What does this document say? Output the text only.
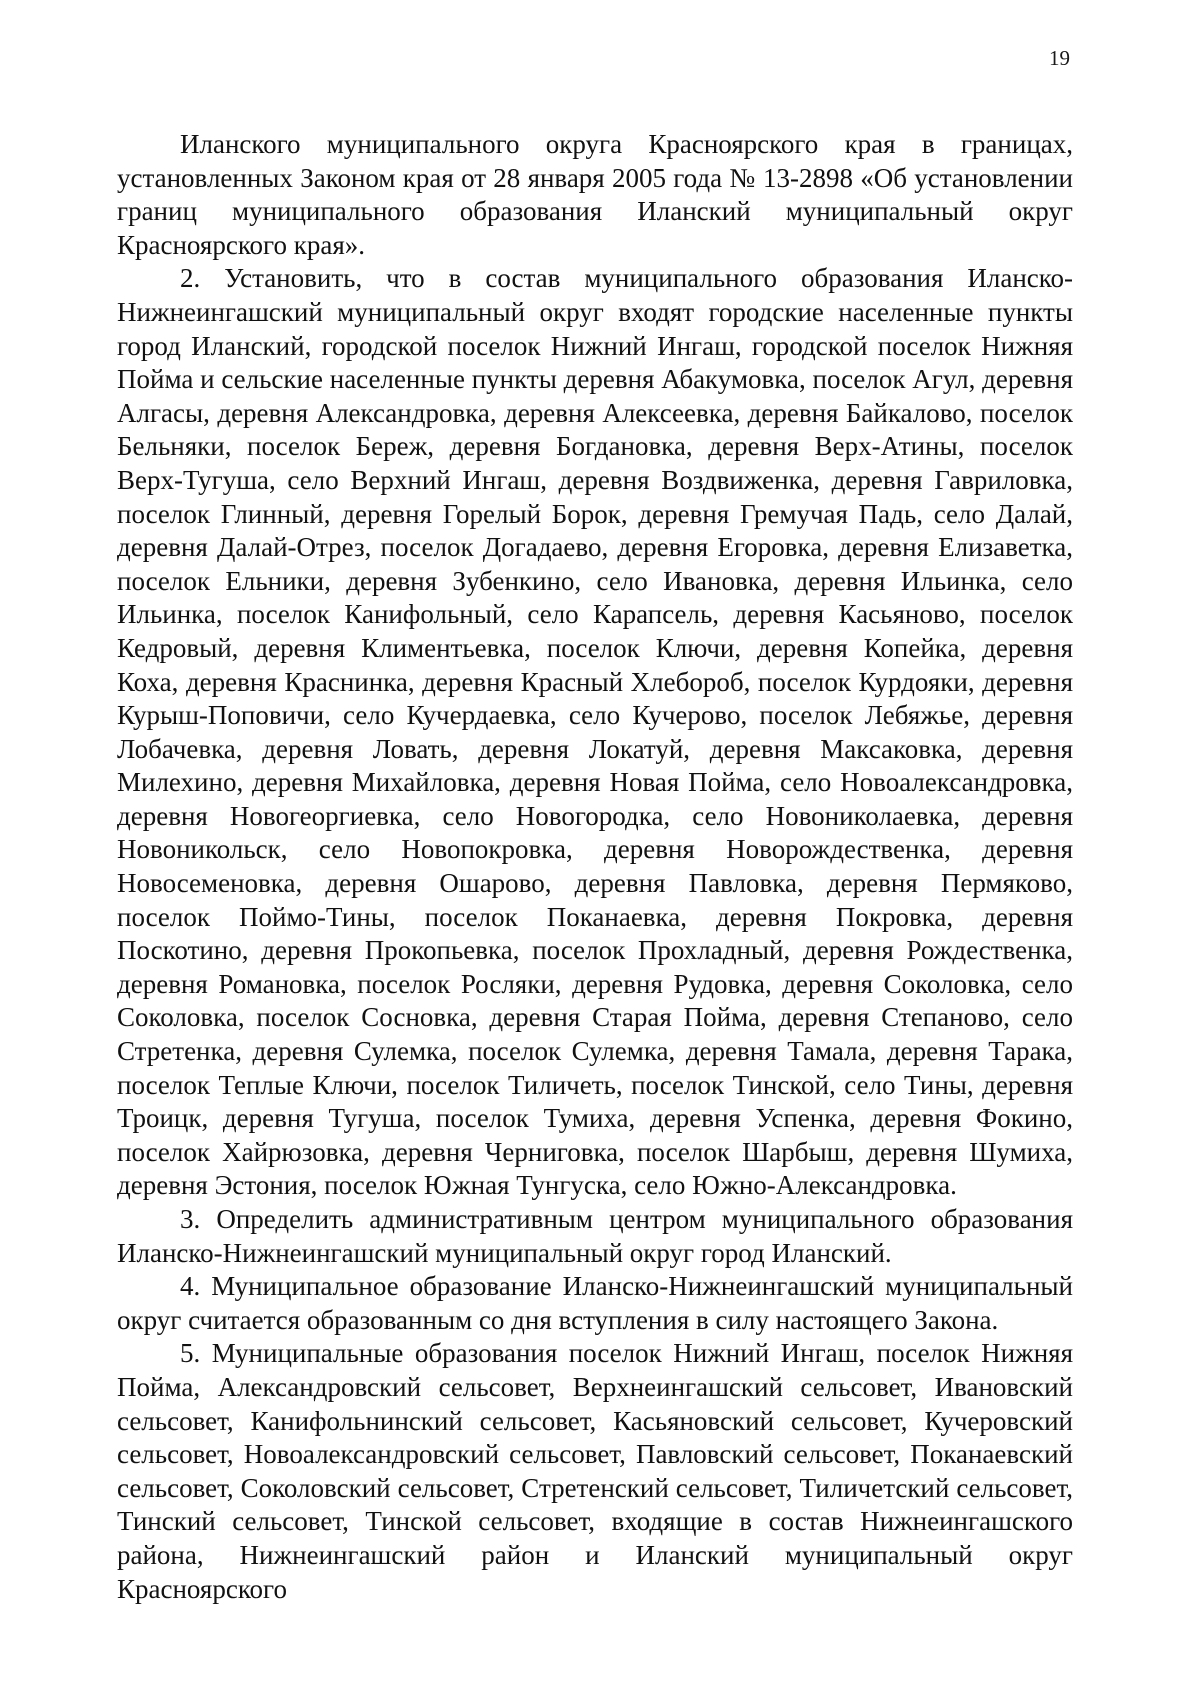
19

Иланского муниципального округа Красноярского края в границах, установленных Законом края от 28 января 2005 года № 13-2898 «Об установлении границ муниципального образования Иланский муниципальный округ Красноярского края».

2. Установить, что в состав муниципального образования Иланско-Нижнеингашский муниципальный округ входят городские населенные пункты город Иланский, городской поселок Нижний Ингаш, городской поселок Нижняя Пойма и сельские населенные пункты деревня Абакумовка, поселок Агул, деревня Алгасы, деревня Александровка, деревня Алексеевка, деревня Байкалово, поселок Бельняки, поселок Береж, деревня Богдановка, деревня Верх-Атины, поселок Верх-Тугуша, село Верхний Ингаш, деревня Воздвиженка, деревня Гавриловка, поселок Глинный, деревня Горелый Борок, деревня Гремучая Падь, село Далай, деревня Далай-Отрез, поселок Догадаево, деревня Егоровка, деревня Елизаветка, поселок Ельники, деревня Зубенкино, село Ивановка, деревня Ильинка, село Ильинка, поселок Канифольный, село Карапсель, деревня Касьяново, поселок Кедровый, деревня Климентьевка, поселок Ключи, деревня Копейка, деревня Коха, деревня Краснинка, деревня Красный Хлебороб, поселок Курдояки, деревня Курыш-Поповичи, село Кучердаевка, село Кучерово, поселок Лебяжье, деревня Лобачевка, деревня Ловать, деревня Локатуй, деревня Максаковка, деревня Милехино, деревня Михайловка, деревня Новая Пойма, село Новоалександровка, деревня Новогеоргиевка, село Новогородка, село Новониколаевка, деревня Новоникольск, село Новопокровка, деревня Новорождественка, деревня Новосеменовка, деревня Ошарово, деревня Павловка, деревня Пермяково, поселок Поймо-Тины, поселок Поканаевка, деревня Покровка, деревня Поскотино, деревня Прокопьевка, поселок Прохладный, деревня Рождественка, деревня Романовка, поселок Росляки, деревня Рудовка, деревня Соколовка, село Соколовка, поселок Сосновка, деревня Старая Пойма, деревня Степаново, село Стретенка, деревня Сулемка, поселок Сулемка, деревня Тамала, деревня Тарака, поселок Теплые Ключи, поселок Тиличеть, поселок Тинской, село Тины, деревня Троицк, деревня Тугуша, поселок Тумиха, деревня Успенка, деревня Фокино, поселок Хайрюзовка, деревня Черниговка, поселок Шарбыш, деревня Шумиха, деревня Эстония, поселок Южная Тунгуска, село Южно-Александровка.

3. Определить административным центром муниципального образования Иланско-Нижнеингашский муниципальный округ город Иланский.

4. Муниципальное образование Иланско-Нижнеингашский муниципальный округ считается образованным со дня вступления в силу настоящего Закона.

5. Муниципальные образования поселок Нижний Ингаш, поселок Нижняя Пойма, Александровский сельсовет, Верхнеингашский сельсовет, Ивановский сельсовет, Канифольнинский сельсовет, Касьяновский сельсовет, Кучеровский сельсовет, Новоалександровский сельсовет, Павловский сельсовет, Поканаевский сельсовет, Соколовский сельсовет, Стретенский сельсовет, Тиличетский сельсовет, Тинский сельсовет, Тинской сельсовет, входящие в состав Нижнеингашского района, Нижнеингашский район и Иланский муниципальный округ Красноярского
